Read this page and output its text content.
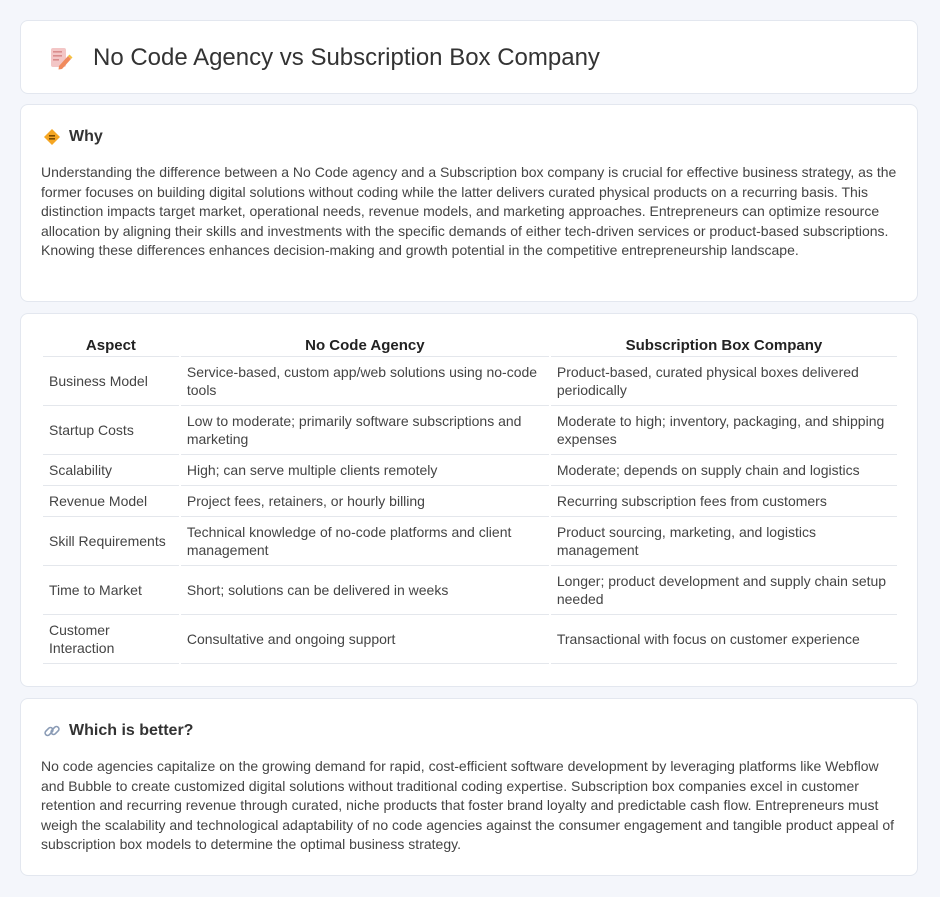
No Code Agency vs Subscription Box Company
Why

Understanding the difference between a No Code agency and a Subscription box company is crucial for effective business strategy, as the former focuses on building digital solutions without coding while the latter delivers curated physical products on a recurring basis. This distinction impacts target market, operational needs, revenue models, and marketing approaches. Entrepreneurs can optimize resource allocation by aligning their skills and investments with the specific demands of either tech-driven services or product-based subscriptions. Knowing these differences enhances decision-making and growth potential in the competitive entrepreneurship landscape.

Aspect	No Code Agency	Subscription Box Company
Business Model	Service-based, custom app/web solutions using no-code tools	Product-based, curated physical boxes delivered periodically
Startup Costs	Low to moderate; primarily software subscriptions and marketing	Moderate to high; inventory, packaging, and shipping expenses
Scalability	High; can serve multiple clients remotely	Moderate; depends on supply chain and logistics
Revenue Model	Project fees, retainers, or hourly billing	Recurring subscription fees from customers
Skill Requirements	Technical knowledge of no-code platforms and client management	Product sourcing, marketing, and logistics management
Time to Market	Short; solutions can be delivered in weeks	Longer; product development and supply chain setup needed
Customer Interaction	Consultative and ongoing support	Transactional with focus on customer experience
Which is better?

No code agencies capitalize on the growing demand for rapid, cost-efficient software development by leveraging platforms like Webflow and Bubble to create customized digital solutions without traditional coding expertise. Subscription box companies excel in customer retention and recurring revenue through curated, niche products that foster brand loyalty and predictable cash flow. Entrepreneurs must weigh the scalability and technological adaptability of no code agencies against the consumer engagement and tangible product appeal of subscription box models to determine the optimal business strategy.
